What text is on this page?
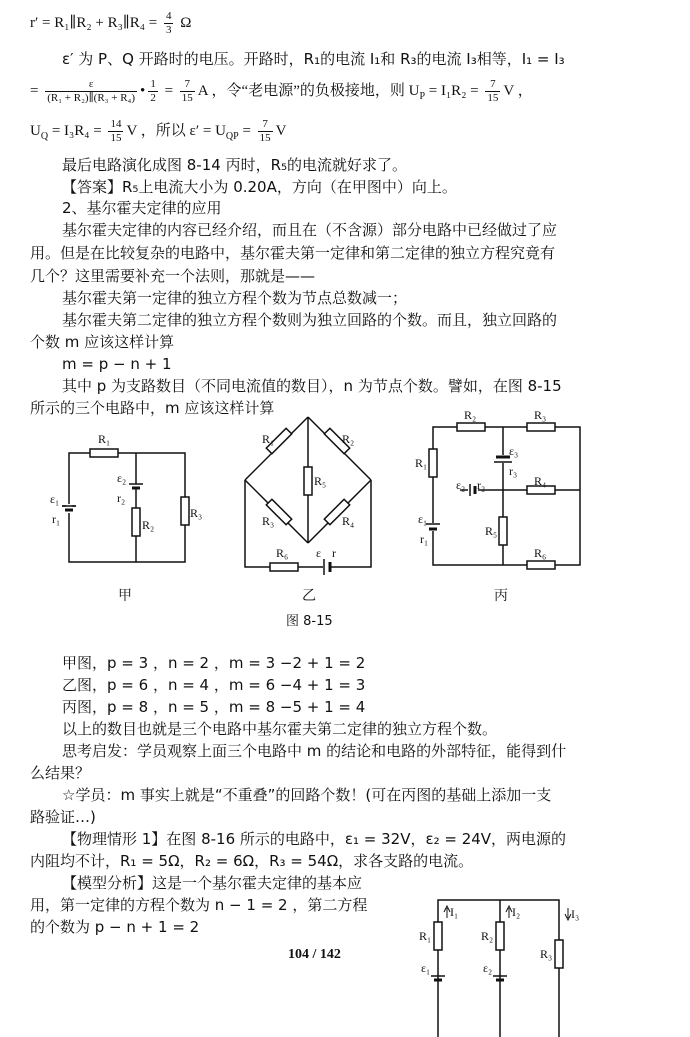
r′ = R₁∥R₂ + R₃∥R₄ = $\frac{4}{3}$ Ω
ε′ 为 P、Q 开路时的电压。开路时，R₁的电流 I₁和 R₃的电流 I₃相等，I₁ = I₃
= $\frac{\varepsilon}{\text{(R₁ + R₂)∥(R₃ + R₄)}}$ • $\frac{1}{2} = \frac{7}{15}$ A ，令“老电源”的负极接地，则 $U_P = I_1R_2 = \frac{7}{15}$ V ，
$U_Q = I_3R_4 = \frac{14}{15}$ V ，所以 $\varepsilon' = U_{QP} = \frac{7}{15}$ V
最后电路演化成图 8-14 丙时，R₅的电流就好求了。
【答案】R₅上电流大小为 0.20A，方向（在甲图中）向上。
2、基尔霍夫定律的应用
基尔霍夫定律的内容已经介绍，而且在（不含源）部分电路中已经做过了应
用。但是在比较复杂的电路中，基尔霍夫第一定律和第二定律的独立方程究竟有
几个？这里需要补充一个法则，那就是——
基尔霍夫第一定律的独立方程个数为节点总数减一；
基尔霍夫第二定律的独立方程个数则为独立回路的个数。而且，独立回路的
个数 m 应该这样计算
m = p − n + 1
其中 p 为支路数目（不同电流值的数目），n 为节点个数。譬如，在图 8-15
所示的三个电路中，m 应该这样计算
R₁
ε₂
r₂
R₂
R₃
ε₁
r₁
R₁	R₂
R₅
R₃	R₄
R₆ ε r
R₂	R₃
R₁
ε₃
r₃
ε₂ r₂	R₄
R₅
ε₁
r₁
R₆
甲	乙	丙
图 8-15
甲图，p = 3 ，n = 2 ，m = 3 −2 + 1 = 2
乙图，p = 6 ，n = 4 ，m = 6 −4 + 1 = 3
丙图，p = 8 ，n = 5 ，m = 8 −5 + 1 = 4
以上的数目也就是三个电路中基尔霍夫第二定律的独立方程个数。
思考启发：学员观察上面三个电路中 m 的结论和电路的外部特征，能得到什
么结果？
☆学员：m 事实上就是“不重叠”的回路个数！(可在丙图的基础上添加一支
路验证…)
【物理情形 1】在图 8-16 所示的电路中，ε₁ = 32V，ε₂ = 24V，两电源的
内阻均不计，R₁ = 5Ω，R₂ = 6Ω，R₃ = 54Ω，求各支路的电流。
【模型分析】这是一个基尔霍夫定律的基本应
用，第一定律的方程个数为 n − 1 = 2 ，第二方程
的个数为 p − n + 1 = 2
104 / 142
I₁	I₂	I₃
R₁	R₂
R₃
ε₁	ε₂
